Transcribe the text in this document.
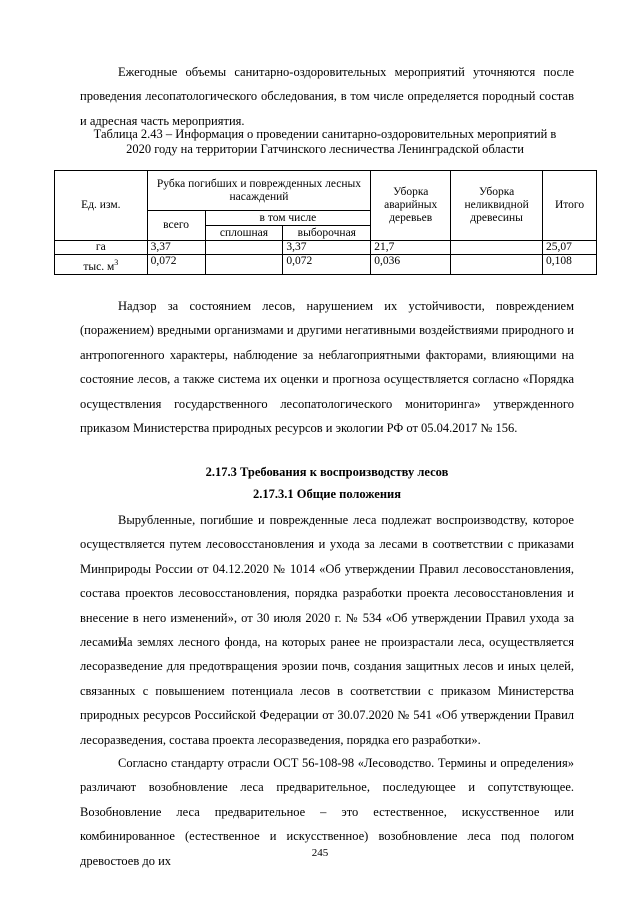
Ежегодные объемы санитарно-оздоровительных мероприятий уточняются после проведения лесопатологического обследования, в том числе определяется породный состав и адресная часть мероприятия.

Таблица 2.43 – Информация о проведении санитарно-оздоровительных мероприятий в 2020 году на территории Гатчинского лесничества Ленинградской области

Ед. изм.	Рубка погибших и поврежденных лесных насаждений			Уборка аварийных деревьев	Уборка неликвидной древесины	Итого
	всего	в том числе				
		сплошная	выборочная			
га	3,37		3,37	21,7		25,07
тыс. $м^3$	0,072		0,072	0,036		0,108

Надзор за состоянием лесов, нарушением их устойчивости, повреждением (поражением) вредными организмами и другими негативными воздействиями природного и антропогенного характеры, наблюдение за неблагоприятными факторами, влияющими на состояние лесов, а также система их оценки и прогноза осуществляется согласно «Порядка осуществления государственного лесопатологического мониторинга» утвержденного приказом Министерства природных ресурсов и экологии РФ от 05.04.2017 № 156.

2.17.3 Требования к воспроизводству лесов

2.17.3.1 Общие положения

Вырубленные, погибшие и поврежденные леса подлежат воспроизводству, которое осуществляется путем лесовосстановления и ухода за лесами в соответствии с приказами Минприроды России от 04.12.2020 № 1014 «Об утверждении Правил лесовосстановления, состава проектов лесовосстановления, порядка разработки проекта лесовосстановления и внесение в него изменений», от 30 июля 2020 г. № 534 «Об утверждении Правил ухода за лесами».

На землях лесного фонда, на которых ранее не произрастали леса, осуществляется лесоразведение для предотвращения эрозии почв, создания защитных лесов и иных целей, связанных с повышением потенциала лесов в соответствии с приказом Министерства природных ресурсов Российской Федерации от 30.07.2020 № 541 «Об утверждении Правил лесоразведения, состава проекта лесоразведения, порядка его разработки».

Согласно стандарту отрасли ОСТ 56-108-98 «Лесоводство. Термины и определения» различают возобновление леса предварительное, последующее и сопутствующее. Возобновление леса предварительное – это естественное, искусственное или комбинированное (естественное и искусственное) возобновление леса под пологом древостоев до их

245
